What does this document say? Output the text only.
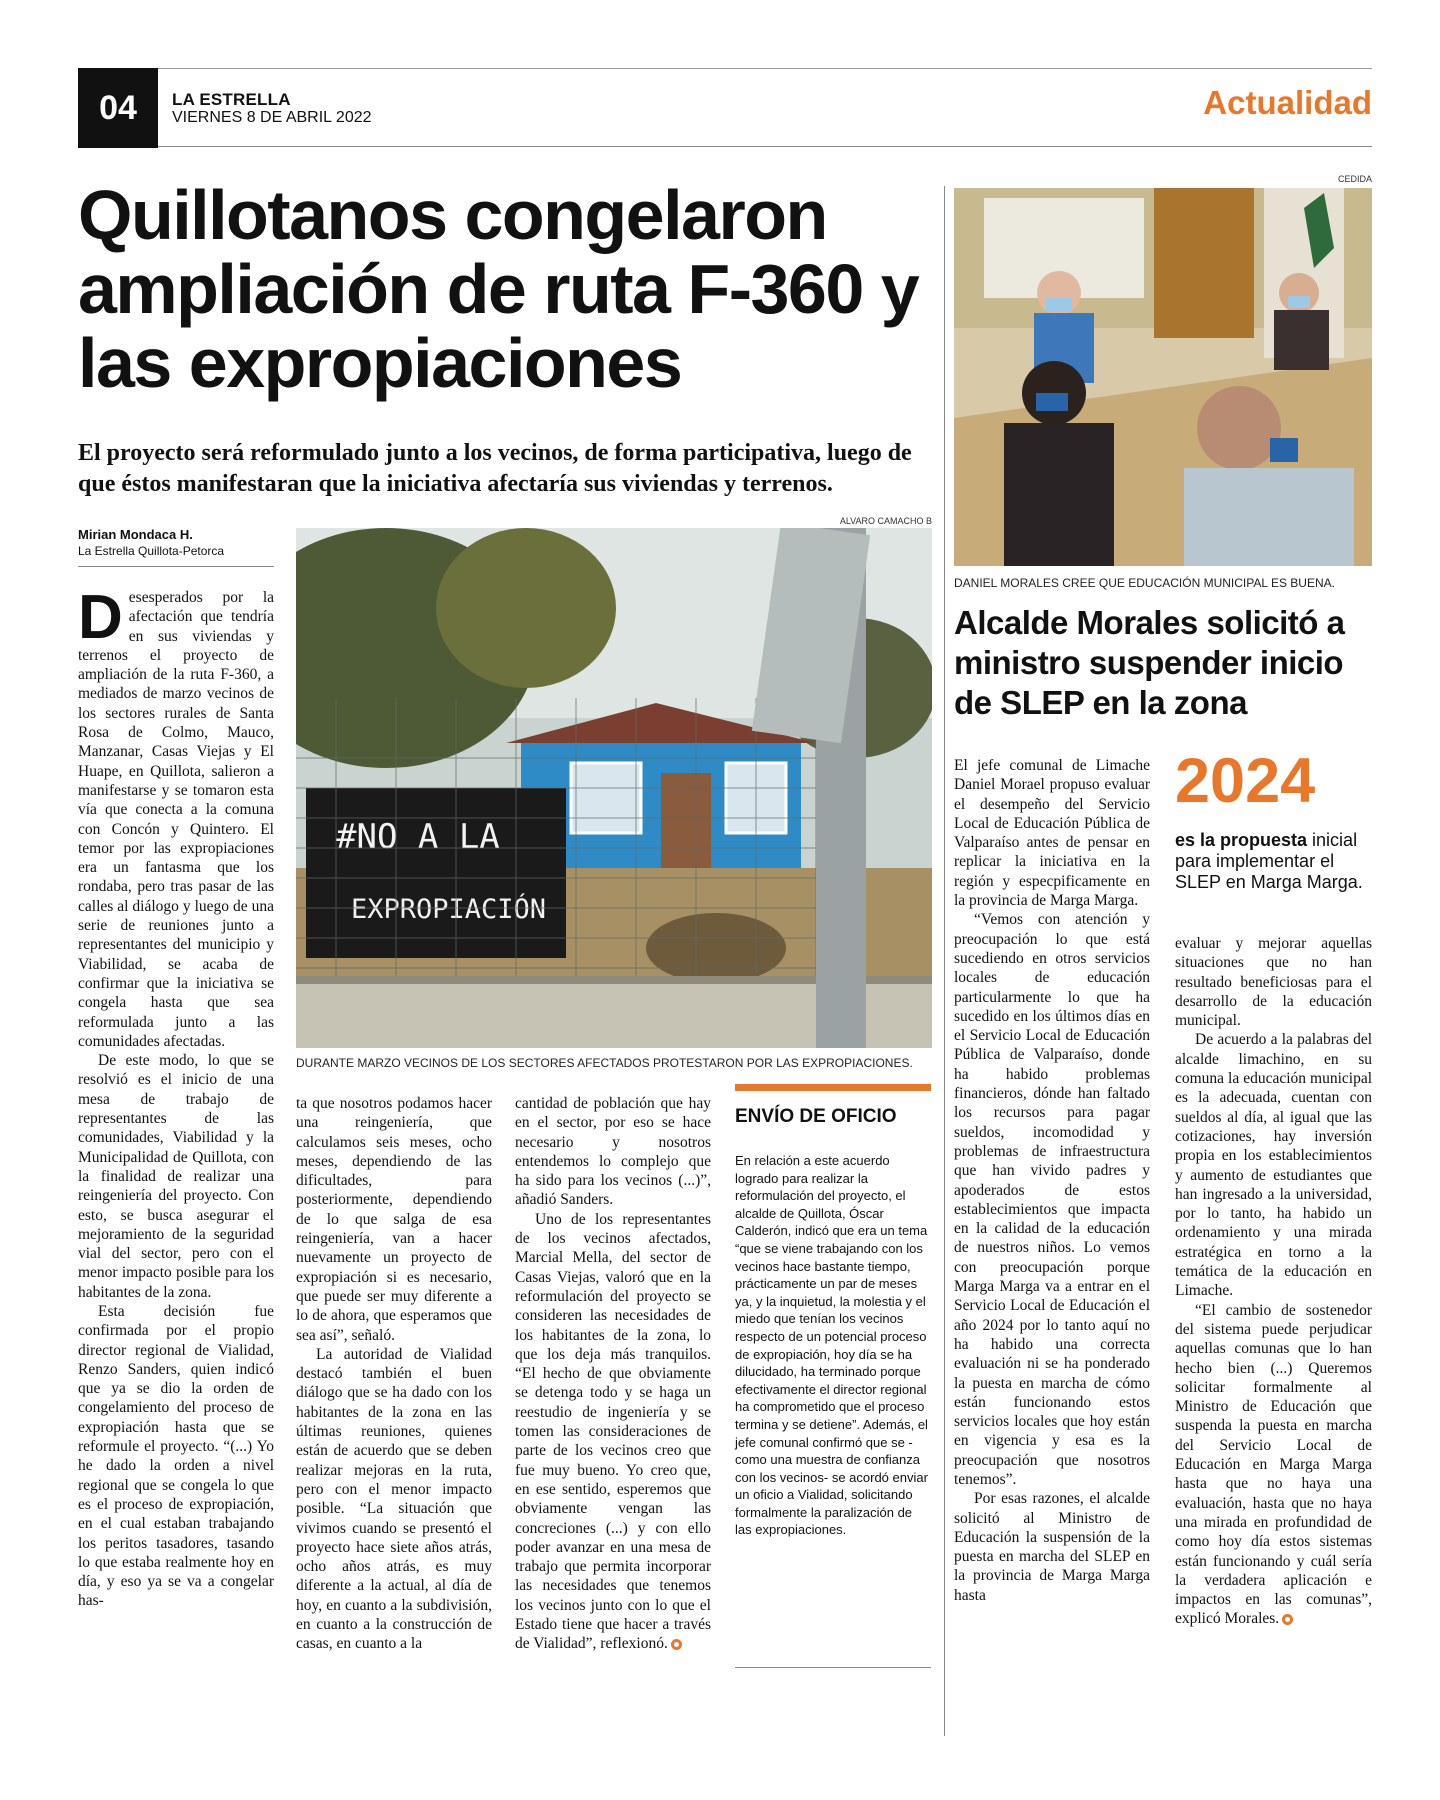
04	LA ESTRELLA
VIERNES 8 DE ABRIL 2022	Actualidad
Quillotanos congelaron ampliación de ruta F-360 y las expropiaciones

El proyecto será reformulado junto a los vecinos, de forma participativa, luego de que éstos manifestaran que la iniciativa afectaría sus viviendas y terrenos.

Mirian Mondaca H.
La Estrella Quillota-Petorca
ALVARO CAMACHO B
#NO A LA
EXPROPIACIÓN
DURANTE MARZO VECINOS DE LOS SECTORES AFECTADOS PROTESTARON POR LAS EXPROPIACIONES.

Desesperados por la afectación que tendría en sus viviendas y terrenos el proyecto de ampliación de la ruta F-360, a mediados de marzo vecinos de los sectores rurales de Santa Rosa de Colmo, Mauco, Manzanar, Casas Viejas y El Huape, en Quillota, salieron a manifestarse y se tomaron esta vía que conecta a la comuna con Concón y Quintero. El temor por las expropiaciones era un fantasma que los rondaba, pero tras pasar de las calles al diálogo y luego de una serie de reuniones junto a representantes del municipio y Viabilidad, se acaba de confirmar que la iniciativa se congela hasta que sea reformulada junto a las comunidades afectadas.

De este modo, lo que se resolvió es el inicio de una mesa de trabajo de representantes de las comunidades, Viabilidad y la Municipalidad de Quillota, con la finalidad de realizar una reingeniería del proyecto. Con esto, se busca asegurar el mejoramiento de la seguridad vial del sector, pero con el menor impacto posible para los habitantes de la zona.

Esta decisión fue confirmada por el propio director regional de Vialidad, Renzo Sanders, quien indicó que ya se dio la orden de congelamiento del proceso de expropiación hasta que se reformule el proyecto. “(...) Yo he dado la orden a nivel regional que se congela lo que es el proceso de expropiación, en el cual estaban trabajando los peritos tasadores, tasando lo que estaba realmente hoy en día, y eso ya se va a congelar has-

ta que nosotros podamos hacer una reingeniería, que calculamos seis meses, ocho meses, dependiendo de las dificultades, para posteriormente, dependiendo de lo que salga de esa reingeniería, van a hacer nuevamente un proyecto de expropiación si es necesario, que puede ser muy diferente a lo de ahora, que esperamos que sea así”, señaló.

La autoridad de Vialidad destacó también el buen diálogo que se ha dado con los habitantes de la zona en las últimas reuniones, quienes están de acuerdo que se deben realizar mejoras en la ruta, pero con el menor impacto posible. “La situación que vivimos cuando se presentó el proyecto hace siete años atrás, ocho años atrás, es muy diferente a la actual, al día de hoy, en cuanto a la subdivisión, en cuanto a la construcción de casas, en cuanto a la

cantidad de población que hay en el sector, por eso se hace necesario y nosotros entendemos lo complejo que ha sido para los vecinos (...)”, añadió Sanders.

Uno de los representantes de los vecinos afectados, Marcial Mella, del sector de Casas Viejas, valoró que en la reformulación del proyecto se consideren las necesidades de los habitantes de la zona, lo que los deja más tranquilos. “El hecho de que obviamente se detenga todo y se haga un reestudio de ingeniería y se tomen las consideraciones de parte de los vecinos creo que fue muy bueno. Yo creo que, en ese sentido, esperemos que obviamente vengan las concreciones (...) y con ello poder avanzar en una mesa de trabajo que permita incorporar las necesidades que tenemos los vecinos junto con lo que el Estado tiene que hacer a través de Vialidad”, reflexionó.

ENVÍO DE OFICIO

En relación a este acuerdo logrado para realizar la reformulación del proyecto, el alcalde de Quillota, Óscar Calderón, indicó que era un tema “que se viene trabajando con los vecinos hace bastante tiempo, prácticamente un par de meses ya, y la inquietud, la molestia y el miedo que tenían los vecinos respecto de un potencial proceso de expropiación, hoy día se ha dilucidado, ha terminado porque efectivamente el director regional ha comprometido que el proceso termina y se detiene”. Además, el jefe comunal confirmó que se -como una muestra de confianza con los vecinos- se acordó enviar un oficio a Vialidad, solicitando formalmente la paralización de las expropiaciones.

CEDIDA
DANIEL MORALES CREE QUE EDUCACIÓN MUNICIPAL ES BUENA.
Alcalde Morales solicitó a ministro suspender inicio de SLEP en la zona
2024
es la propuesta inicial para implementar el SLEP en Marga Marga.

El jefe comunal de Limache Daniel Morael propuso evaluar el desempeño del Servicio Local de Educación Pública de Valparaíso antes de pensar en replicar la iniciativa en la región y especpificamente en la provincia de Marga Marga.

“Vemos con atención y preocupación lo que está sucediendo en otros servicios locales de educación particularmente lo que ha sucedido en los últimos días en el Servicio Local de Educación Pública de Valparaíso, donde ha habido problemas financieros, dónde han faltado los recursos para pagar sueldos, incomodidad y problemas de infraestructura que han vivido padres y apoderados de estos establecimientos que impacta en la calidad de la educación de nuestros niños. Lo vemos con preocupación porque Marga Marga va a entrar en el Servicio Local de Educación el año 2024 por lo tanto aquí no ha habido una correcta evaluación ni se ha ponderado la puesta en marcha de cómo están funcionando estos servicios locales que hoy están en vigencia y esa es la preocupación que nosotros tenemos”.

Por esas razones, el alcalde solicitó al Ministro de Educación la suspensión de la puesta en marcha del SLEP en la provincia de Marga Marga hasta

evaluar y mejorar aquellas situaciones que no han resultado beneficiosas para el desarrollo de la educación municipal.

De acuerdo a la palabras del alcalde limachino, en su comuna la educación municipal es la adecuada, cuentan con sueldos al día, al igual que las cotizaciones, hay inversión propia en los establecimientos y aumento de estudiantes que han ingresado a la universidad, por lo tanto, ha habido un ordenamiento y una mirada estratégica en torno a la temática de la educación en Limache.

“El cambio de sostenedor del sistema puede perjudicar aquellas comunas que lo han hecho bien (...) Queremos solicitar formalmente al Ministro de Educación que suspenda la puesta en marcha del Servicio Local de Educación en Marga Marga hasta que no haya una evaluación, hasta que no haya una mirada en profundidad de como hoy día estos sistemas están funcionando y cuál sería la verdadera aplicación e impactos en las comunas”, explicó Morales.
